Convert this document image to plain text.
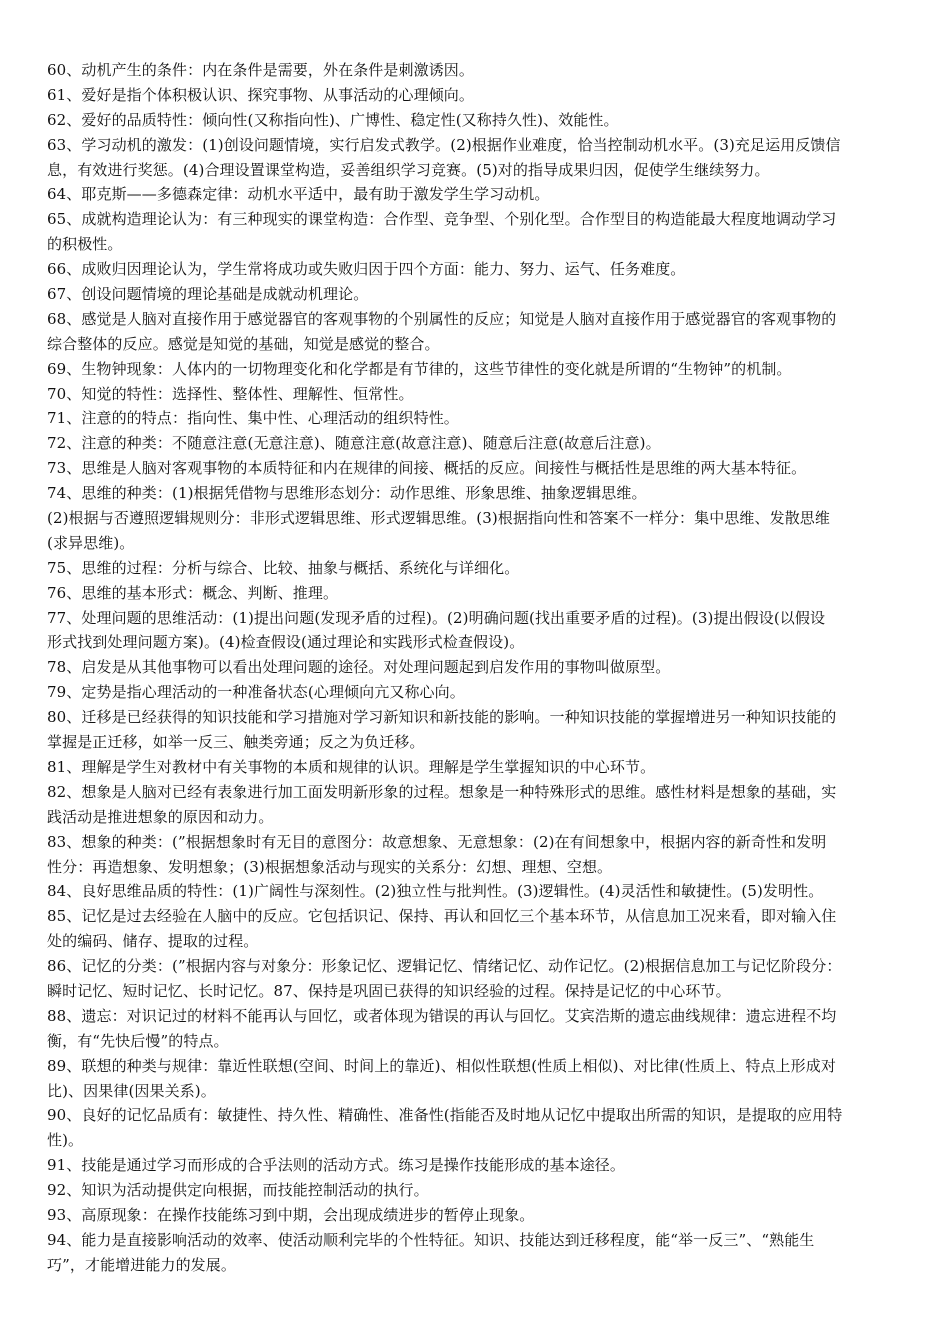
60、动机产生的条件：内在条件是需要，外在条件是刺激诱因。
61、爱好是指个体积极认识、探究事物、从事活动的心理倾向。
62、爱好的品质特性：倾向性(又称指向性)、广博性、稳定性(又称持久性)、效能性。
63、学习动机的激发：(1)创设问题情境，实行启发式教学。(2)根据作业难度，恰当控制动机水平。(3)充足运用反馈信
息，有效进行奖惩。(4)合理设置课堂构造，妥善组织学习竞赛。(5)对的指导成果归因，促使学生继续努力。
64、耶克斯——多德森定律：动机水平适中，最有助于激发学生学习动机。
65、成就构造理论认为：有三种现实的课堂构造：合作型、竞争型、个别化型。合作型目的构造能最大程度地调动学习
的积极性。
66、成败归因理论认为，学生常将成功或失败归因于四个方面：能力、努力、运气、任务难度。
67、创设问题情境的理论基础是成就动机理论。
68、感觉是人脑对直接作用于感觉器官的客观事物的个别属性的反应；知觉是人脑对直接作用于感觉器官的客观事物的
综合整体的反应。感觉是知觉的基础，知觉是感觉的整合。
69、生物钟现象：人体内的一切物理变化和化学都是有节律的，这些节律性的变化就是所谓的“生物钟”的机制。
70、知觉的特性：选择性、整体性、理解性、恒常性。
71、注意的的特点：指向性、集中性、心理活动的组织特性。
72、注意的种类：不随意注意(无意注意)、随意注意(故意注意)、随意后注意(故意后注意)。
73、思维是人脑对客观事物的本质特征和内在规律的间接、概括的反应。间接性与概括性是思维的两大基本特征。
74、思维的种类：(1)根据凭借物与思维形态划分：动作思维、形象思维、抽象逻辑思维。
(2)根据与否遵照逻辑规则分：非形式逻辑思维、形式逻辑思维。(3)根据指向性和答案不一样分：集中思维、发散思维
(求异思维)。
75、思维的过程：分析与综合、比较、抽象与概括、系统化与详细化。
76、思维的基本形式：概念、判断、推理。
77、处理问题的思维活动：(1)提出问题(发现矛盾的过程)。(2)明确问题(找出重要矛盾的过程)。(3)提出假设(以假设
形式找到处理问题方案)。(4)检查假设(通过理论和实践形式检查假设)。
78、启发是从其他事物可以看出处理问题的途径。对处理问题起到启发作用的事物叫做原型。
79、定势是指心理活动的一种准备状态(心理倾向亢又称心向。
80、迁移是已经获得的知识技能和学习措施对学习新知识和新技能的影响。一种知识技能的掌握增进另一种知识技能的
掌握是正迁移，如举一反三、触类旁通；反之为负迁移。
81、理解是学生对教材中有关事物的本质和规律的认识。理解是学生掌握知识的中心环节。
82、想象是人脑对已经有表象进行加工面发明新形象的过程。想象是一种特殊形式的思维。感性材料是想象的基础，实
践活动是推进想象的原因和动力。
83、想象的种类：(”根据想象时有无目的意图分：故意想象、无意想象：(2)在有间想象中，根据内容的新奇性和发明
性分：再造想象、发明想象；(3)根据想象活动与现实的关系分：幻想、理想、空想。
84、良好思维品质的特性：(1)广阔性与深刻性。(2)独立性与批判性。(3)逻辑性。(4)灵活性和敏捷性。(5)发明性。
85、记忆是过去经验在人脑中的反应。它包括识记、保持、再认和回忆三个基本环节，从信息加工况来看，即对输入住
处的编码、储存、提取的过程。
86、记忆的分类：(”根据内容与对象分：形象记忆、逻辑记忆、情绪记忆、动作记忆。(2)根据信息加工与记忆阶段分：
瞬时记忆、短时记忆、长时记忆。87、保持是巩固已获得的知识经验的过程。保持是记忆的中心环节。
88、遗忘：对识记过的材料不能再认与回忆，或者体现为错误的再认与回忆。艾宾浩斯的遗忘曲线规律：遗忘进程不均
衡，有“先快后慢”的特点。
89、联想的种类与规律：靠近性联想(空间、时间上的靠近)、相似性联想(性质上相似)、对比律(性质上、特点上形成对
比)、因果律(因果关系)。
90、良好的记忆品质有：敏捷性、持久性、精确性、准备性(指能否及时地从记忆中提取出所需的知识，是提取的应用特
性)。
91、技能是通过学习而形成的合乎法则的活动方式。练习是操作技能形成的基本途径。
92、知识为活动提供定向根据，而技能控制活动的执行。
93、高原现象：在操作技能练习到中期，会出现成绩进步的暂停止现象。
94、能力是直接影响活动的效率、使活动顺利完毕的个性特征。知识、技能达到迁移程度，能“举一反三”、“熟能生
巧”，才能增进能力的发展。
